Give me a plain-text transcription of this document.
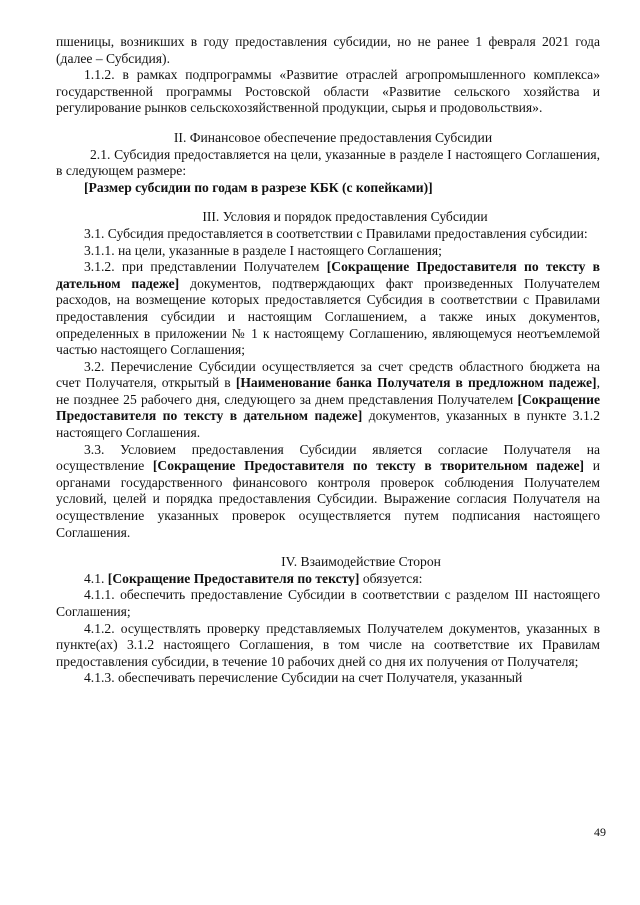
пшеницы, возникших в году предоставления субсидии, но не ранее 1 февраля 2021 года (далее – Субсидия).

1.1.2. в рамках подпрограммы «Развитие отраслей агропромышленного комплекса» государственной программы Ростовской области «Развитие сельского хозяйства и регулирование рынков сельскохозяйственной продукции, сырья и продовольствия».

II. Финансовое обеспечение предоставления Субсидии

2.1. Субсидия предоставляется на цели, указанные в разделе I настоящего Соглашения, в следующем размере:

[Размер субсидии по годам в разрезе КБК (с копейками)]

III. Условия и порядок предоставления Субсидии

3.1. Субсидия предоставляется в соответствии с Правилами предоставления субсидии:

3.1.1. на цели, указанные в разделе I настоящего Соглашения;

3.1.2. при представлении Получателем [Сокращение Предоставителя по тексту в дательном падеже] документов, подтверждающих факт произведенных Получателем расходов, на возмещение которых предоставляется Субсидия в соответствии с Правилами предоставления субсидии и настоящим Соглашением, а также иных документов, определенных в приложении № 1 к настоящему Соглашению, являющемуся неотъемлемой частью настоящего Соглашения;

3.2. Перечисление Субсидии осуществляется за счет средств областного бюджета на счет Получателя, открытый в [Наименование банка Получателя в предложном падеже], не позднее 25 рабочего дня, следующего за днем представления Получателем [Сокращение Предоставителя по тексту в дательном падеже] документов, указанных в пункте 3.1.2 настоящего Соглашения.

3.3. Условием предоставления Субсидии является согласие Получателя на осуществление [Сокращение Предоставителя по тексту в творительном падеже] и органами государственного финансового контроля проверок соблюдения Получателем условий, целей и порядка предоставления Субсидии. Выражение согласия Получателя на осуществление указанных проверок осуществляется путем подписания настоящего Соглашения.

IV. Взаимодействие Сторон

4.1. [Сокращение Предоставителя по тексту] обязуется:

4.1.1. обеспечить предоставление Субсидии в соответствии с разделом III настоящего Соглашения;

4.1.2. осуществлять проверку представляемых Получателем документов, указанных в пункте(ах) 3.1.2 настоящего Соглашения, в том числе на соответствие их Правилам предоставления субсидии, в течение 10 рабочих дней со дня их получения от Получателя;

4.1.3. обеспечивать перечисление Субсидии на счет Получателя, указанный

49
